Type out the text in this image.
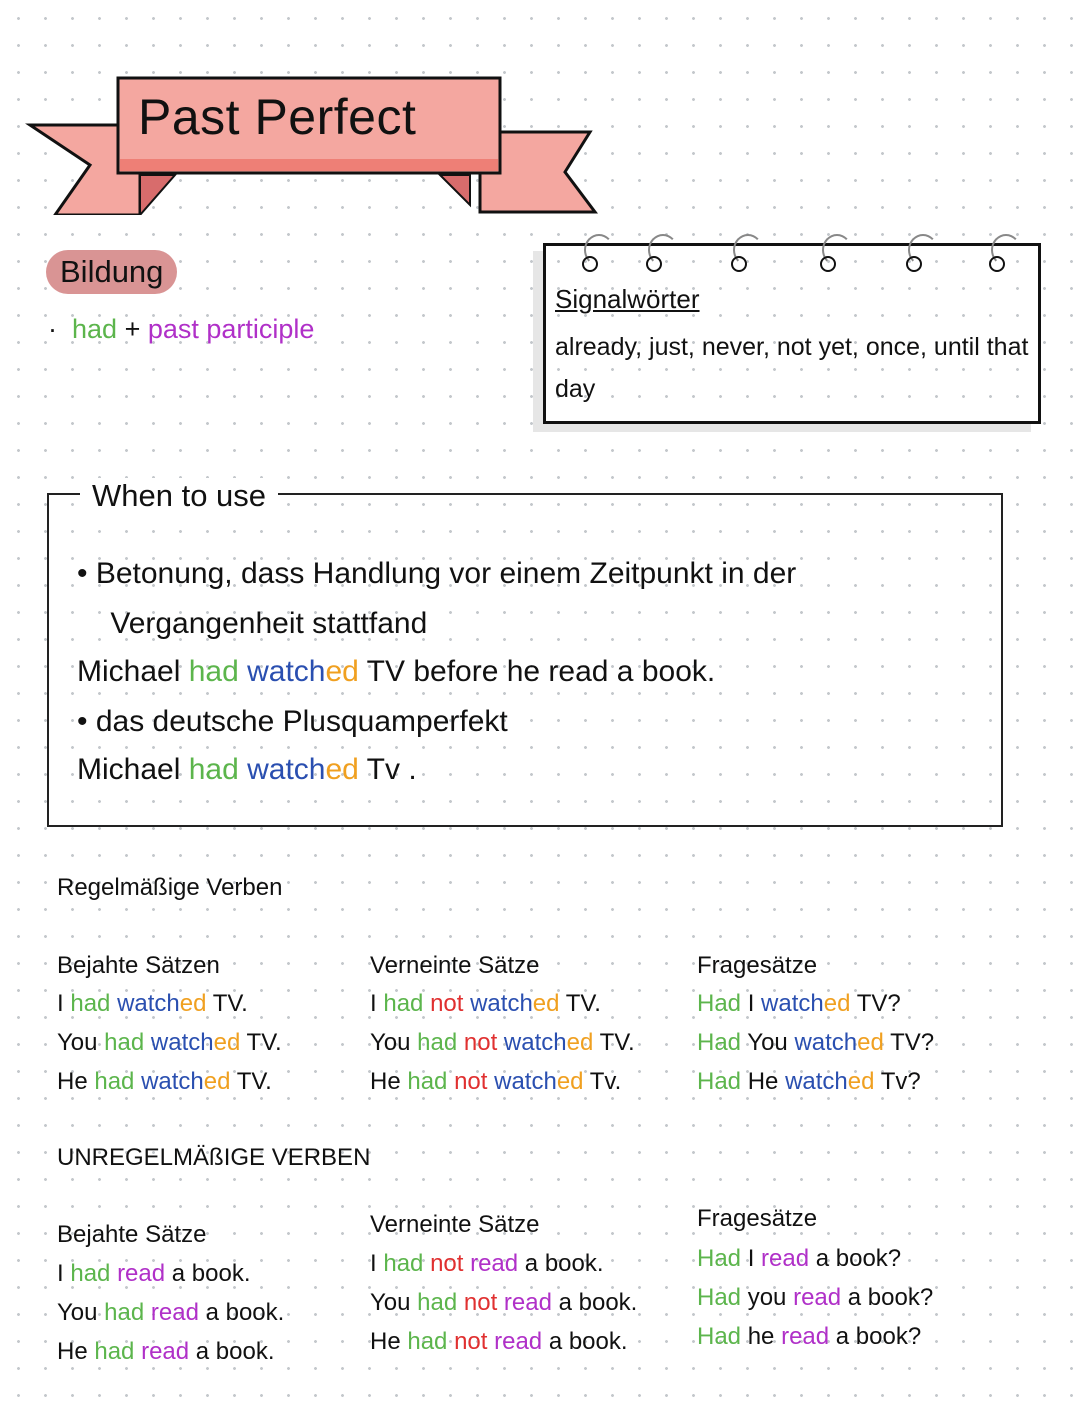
Past Perfect
Bildung
·  had + past participle
Signalwörter
already, just, never, not yet, once, until that day
• Betonung, dass Handlung vor einem Zeitpunkt in der
Vergangenheit stattfand
Michael had watched TV before he read a book.
• das deutsche Plusquamperfekt
Michael had watched Tv .
When to use
Regelmäßige Verben
Bejahte Sätzen
I had watched TV.
You had watched TV.
He had watched TV.
Verneinte Sätze
I had not watched TV.
You had not watched TV.
He had not watched Tv.
Fragesätze
Had I watched TV?
Had You watched TV?
Had He watched Tv?
UNREGELMÄßIGE VERBEN
Bejahte Sätze
I had read a book.
You had read a book.
He had read a book.
Verneinte Sätze
I had not read a book.
You had not read a book.
He had not read a book.
Fragesätze
Had I read a book?
Had you read a book?
Had he read a book?
